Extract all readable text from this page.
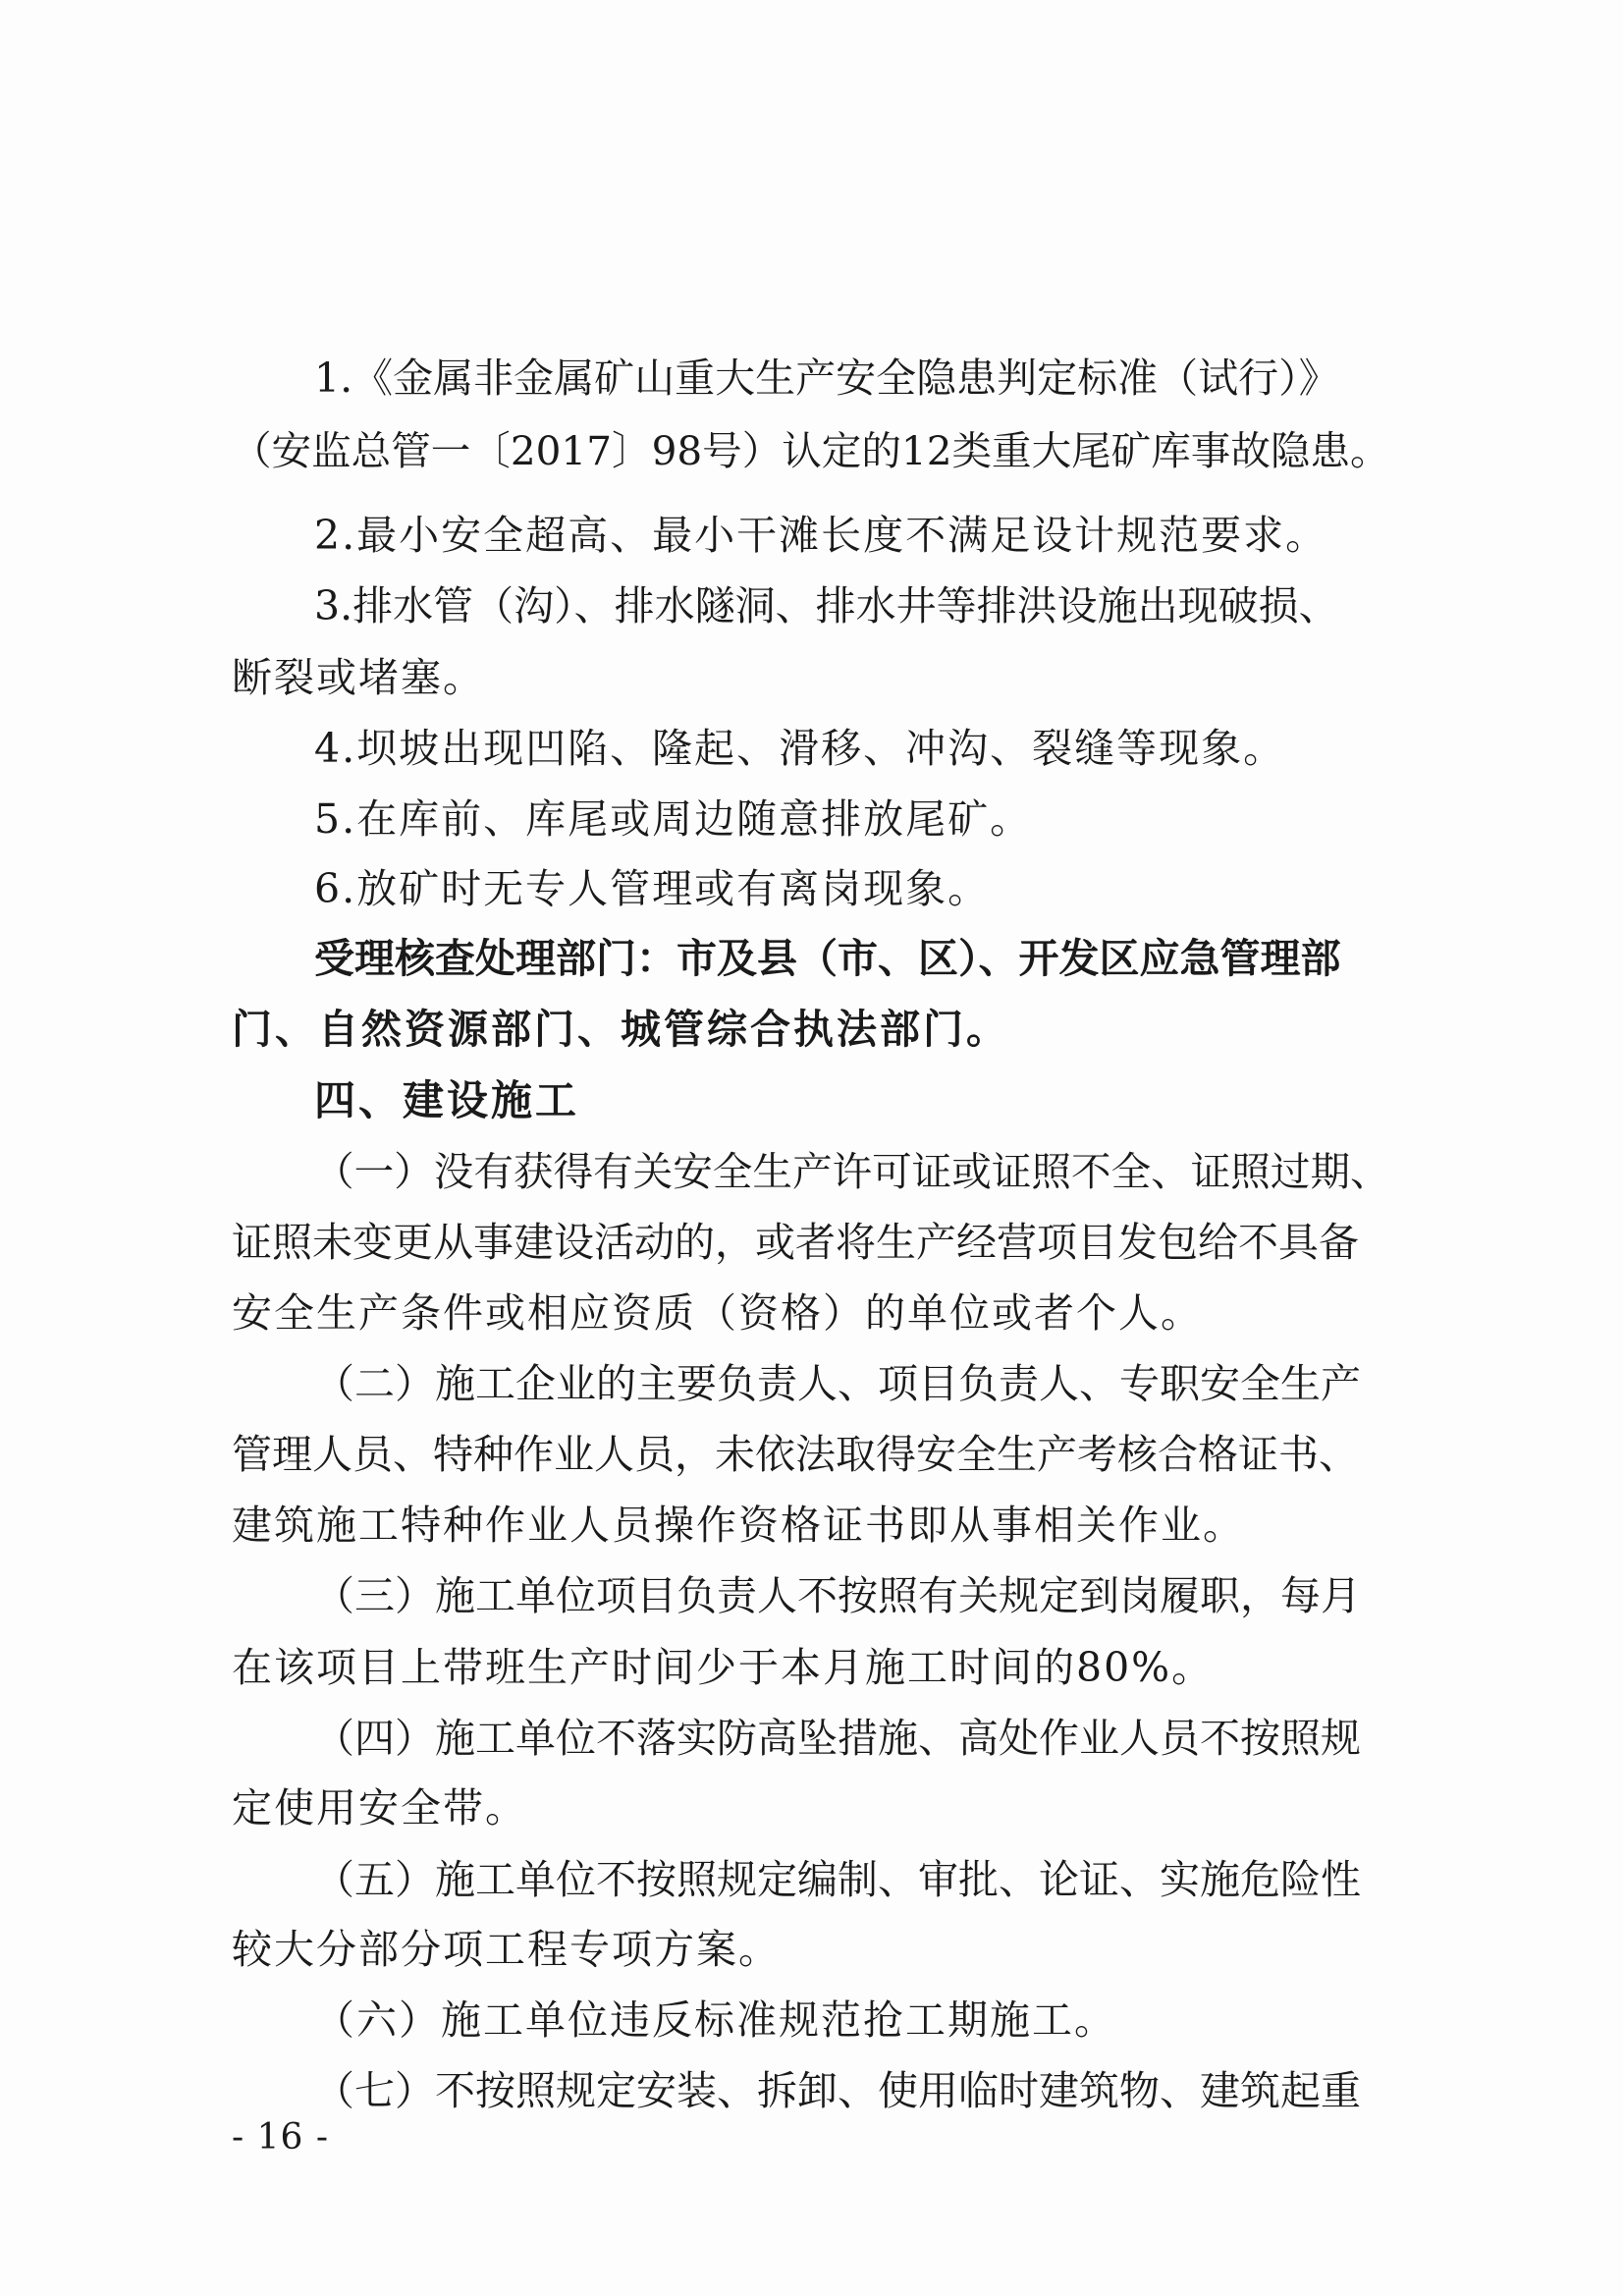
1.《金属非金属矿山重大生产安全隐患判定标准（试行）》
（安监总管一〔2017〕98号）认定的12类重大尾矿库事故隐患。
2.最小安全超高、最小干滩长度不满足设计规范要求。
3.排水管（沟）、排水隧洞、排水井等排洪设施出现破损、
断裂或堵塞。
4.坝坡出现凹陷、隆起、滑移、冲沟、裂缝等现象。
5.在库前、库尾或周边随意排放尾矿。
6.放矿时无专人管理或有离岗现象。
受理核查处理部门：市及县（市、区）、开发区应急管理部
门、自然资源部门、城管综合执法部门。
四、建设施工
（一）没有获得有关安全生产许可证或证照不全、证照过期、
证照未变更从事建设活动的，或者将生产经营项目发包给不具备
安全生产条件或相应资质（资格）的单位或者个人。
（二）施工企业的主要负责人、项目负责人、专职安全生产
管理人员、特种作业人员，未依法取得安全生产考核合格证书、
建筑施工特种作业人员操作资格证书即从事相关作业。
（三）施工单位项目负责人不按照有关规定到岗履职，每月
在该项目上带班生产时间少于本月施工时间的80%。
（四）施工单位不落实防高坠措施、高处作业人员不按照规
定使用安全带。
（五）施工单位不按照规定编制、审批、论证、实施危险性
较大分部分项工程专项方案。
（六）施工单位违反标准规范抢工期施工。
（七）不按照规定安装、拆卸、使用临时建筑物、建筑起重
- 16 -
